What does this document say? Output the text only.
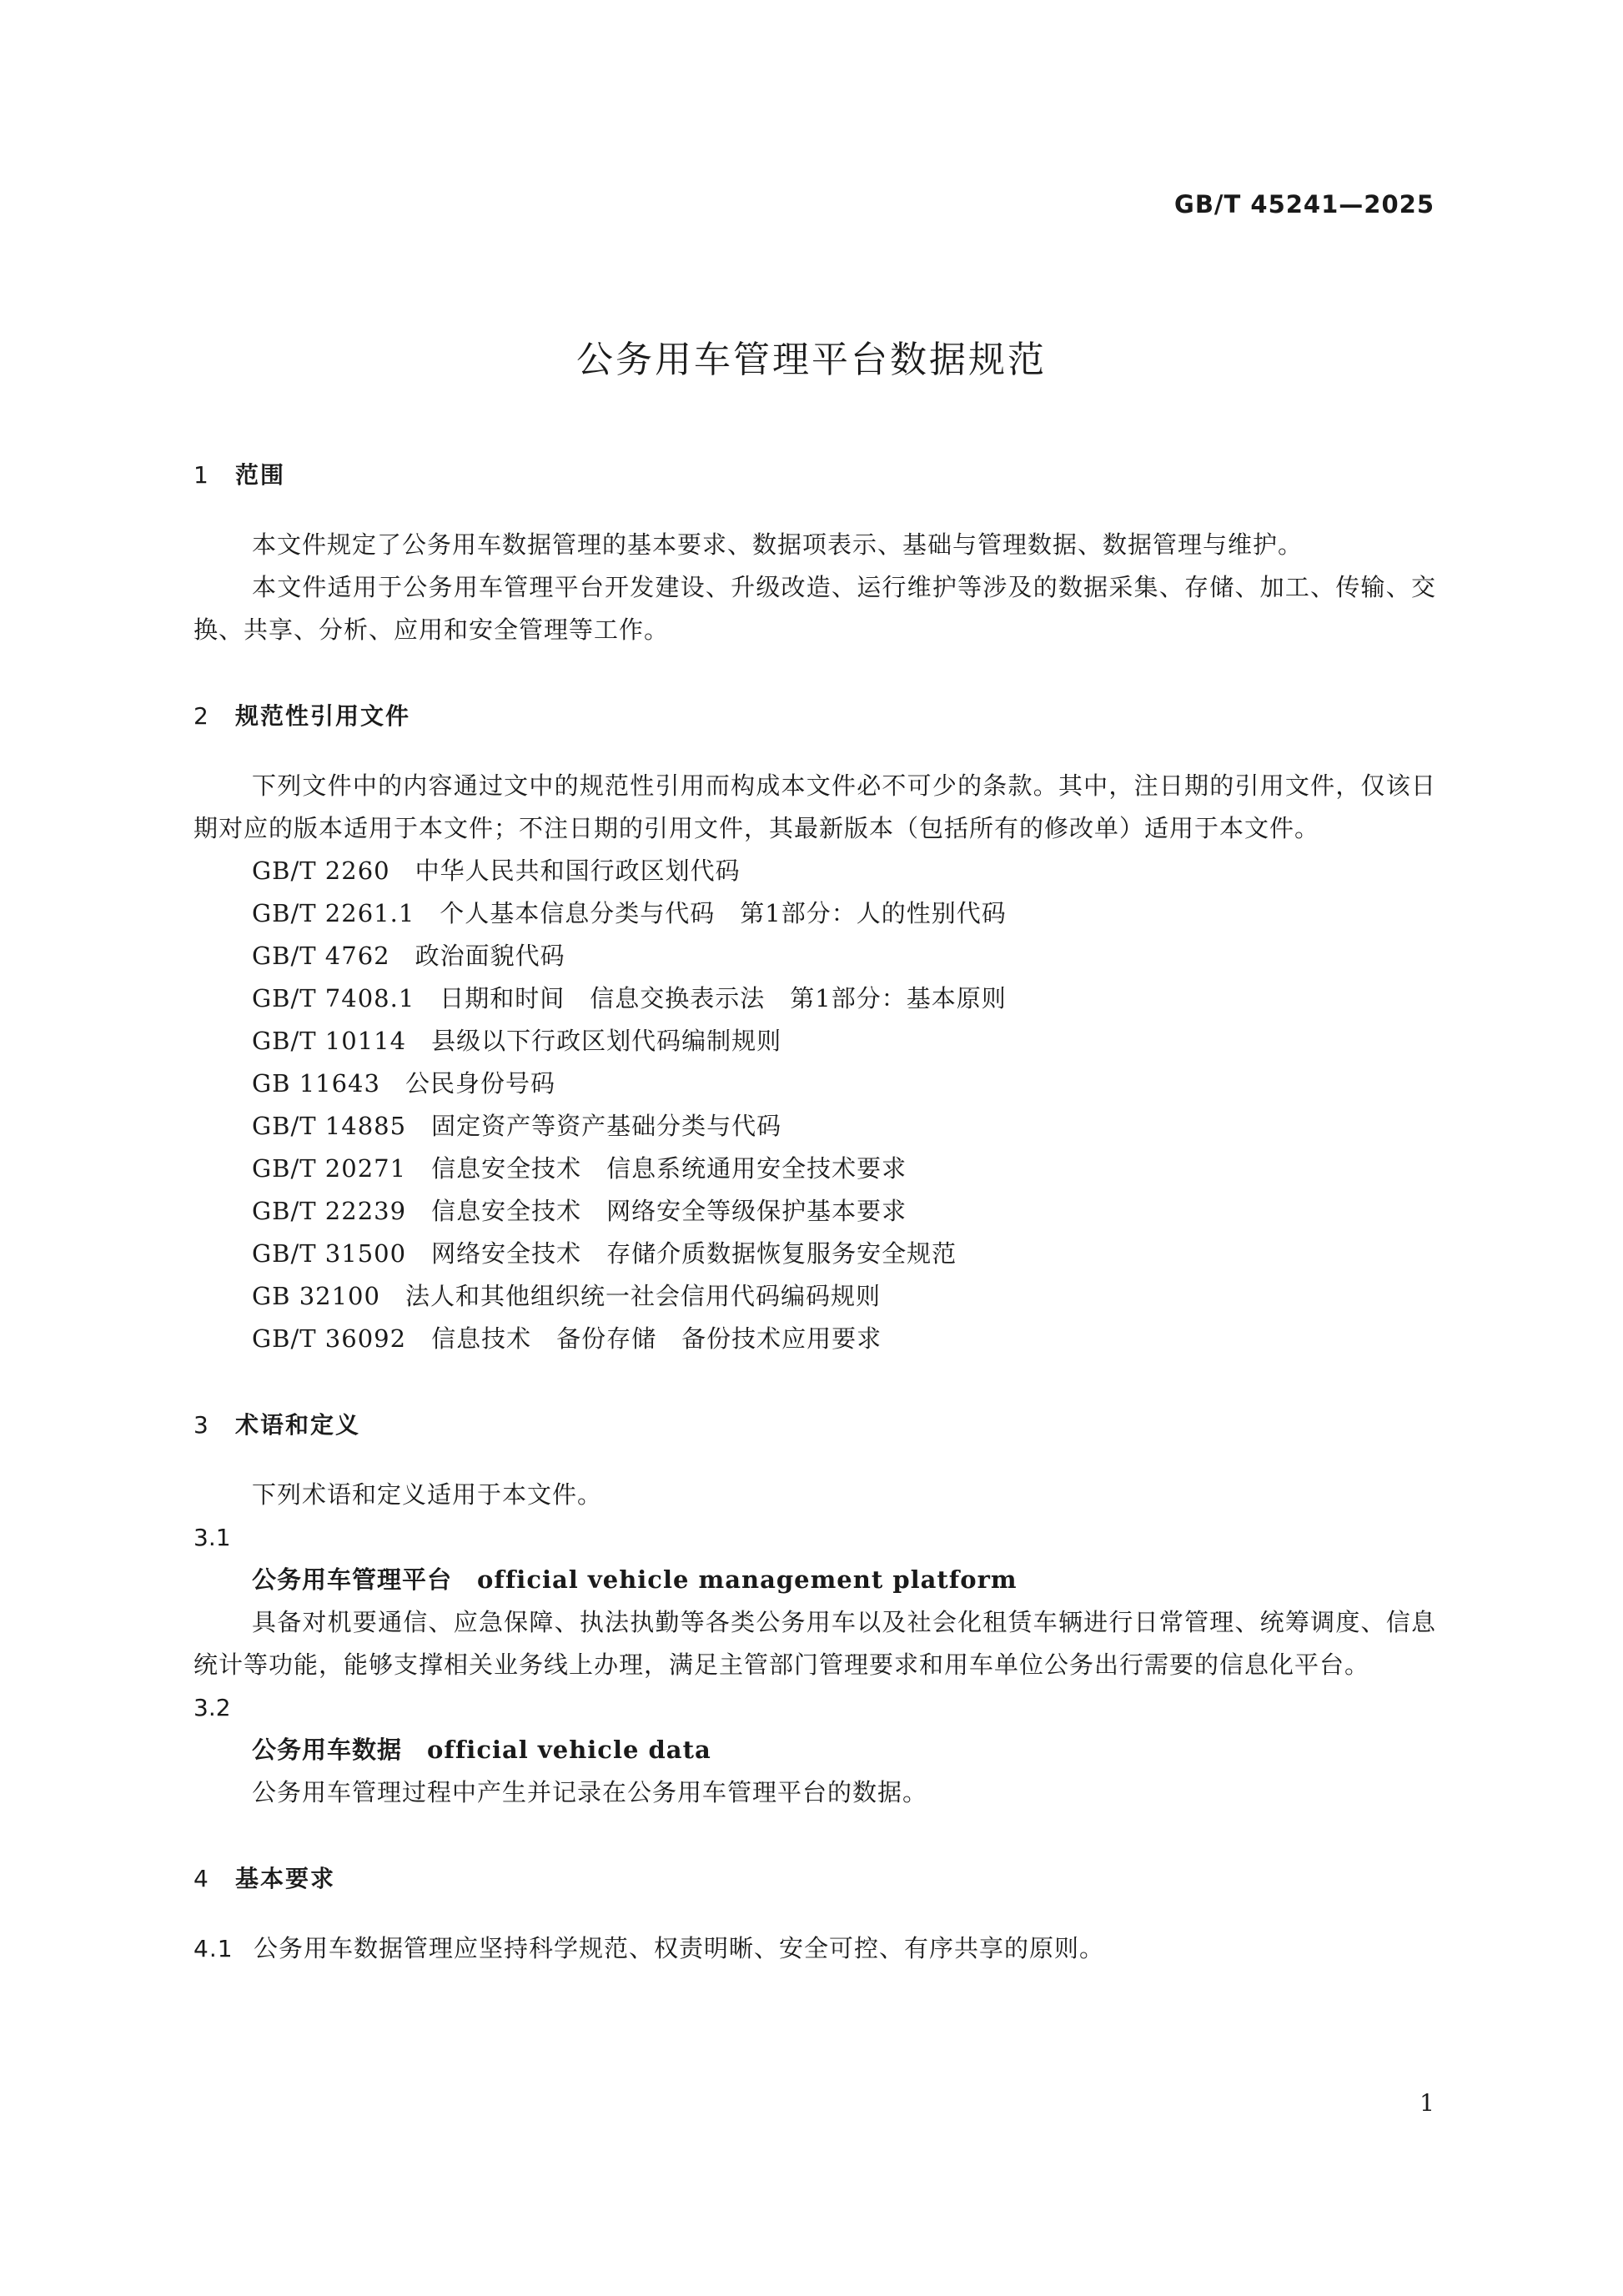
GB/T 45241—2025
公务用车管理平台数据规范
1 范围

本文件规定了公务用车数据管理的基本要求、数据项表示、基础与管理数据、数据管理与维护。

本文件适用于公务用车管理平台开发建设、升级改造、运行维护等涉及的数据采集、存储、加工、传输、交换、共享、分析、应用和安全管理等工作。

2 规范性引用文件

下列文件中的内容通过文中的规范性引用而构成本文件必不可少的条款。其中，注日期的引用文件，仅该日期对应的版本适用于本文件；不注日期的引用文件，其最新版本（包括所有的修改单）适用于本文件。

GB/T 2260 中华人民共和国行政区划代码

GB/T 2261.1 个人基本信息分类与代码　第1部分：人的性别代码

GB/T 4762 政治面貌代码

GB/T 7408.1 日期和时间　信息交换表示法　第1部分：基本原则

GB/T 10114 县级以下行政区划代码编制规则

GB 11643 公民身份号码

GB/T 14885 固定资产等资产基础分类与代码

GB/T 20271 信息安全技术　信息系统通用安全技术要求

GB/T 22239 信息安全技术　网络安全等级保护基本要求

GB/T 31500 网络安全技术　存储介质数据恢复服务安全规范

GB 32100 法人和其他组织统一社会信用代码编码规则

GB/T 36092 信息技术　备份存储　备份技术应用要求

3 术语和定义

下列术语和定义适用于本文件。

3.1

公务用车管理平台 official vehicle management platform

具备对机要通信、应急保障、执法执勤等各类公务用车以及社会化租赁车辆进行日常管理、统筹调度、信息统计等功能，能够支撑相关业务线上办理，满足主管部门管理要求和用车单位公务出行需要的信息化平台。

3.2

公务用车数据 official vehicle data

公务用车管理过程中产生并记录在公务用车管理平台的数据。

4 基本要求

4.1 公务用车数据管理应坚持科学规范、权责明晰、安全可控、有序共享的原则。

1
